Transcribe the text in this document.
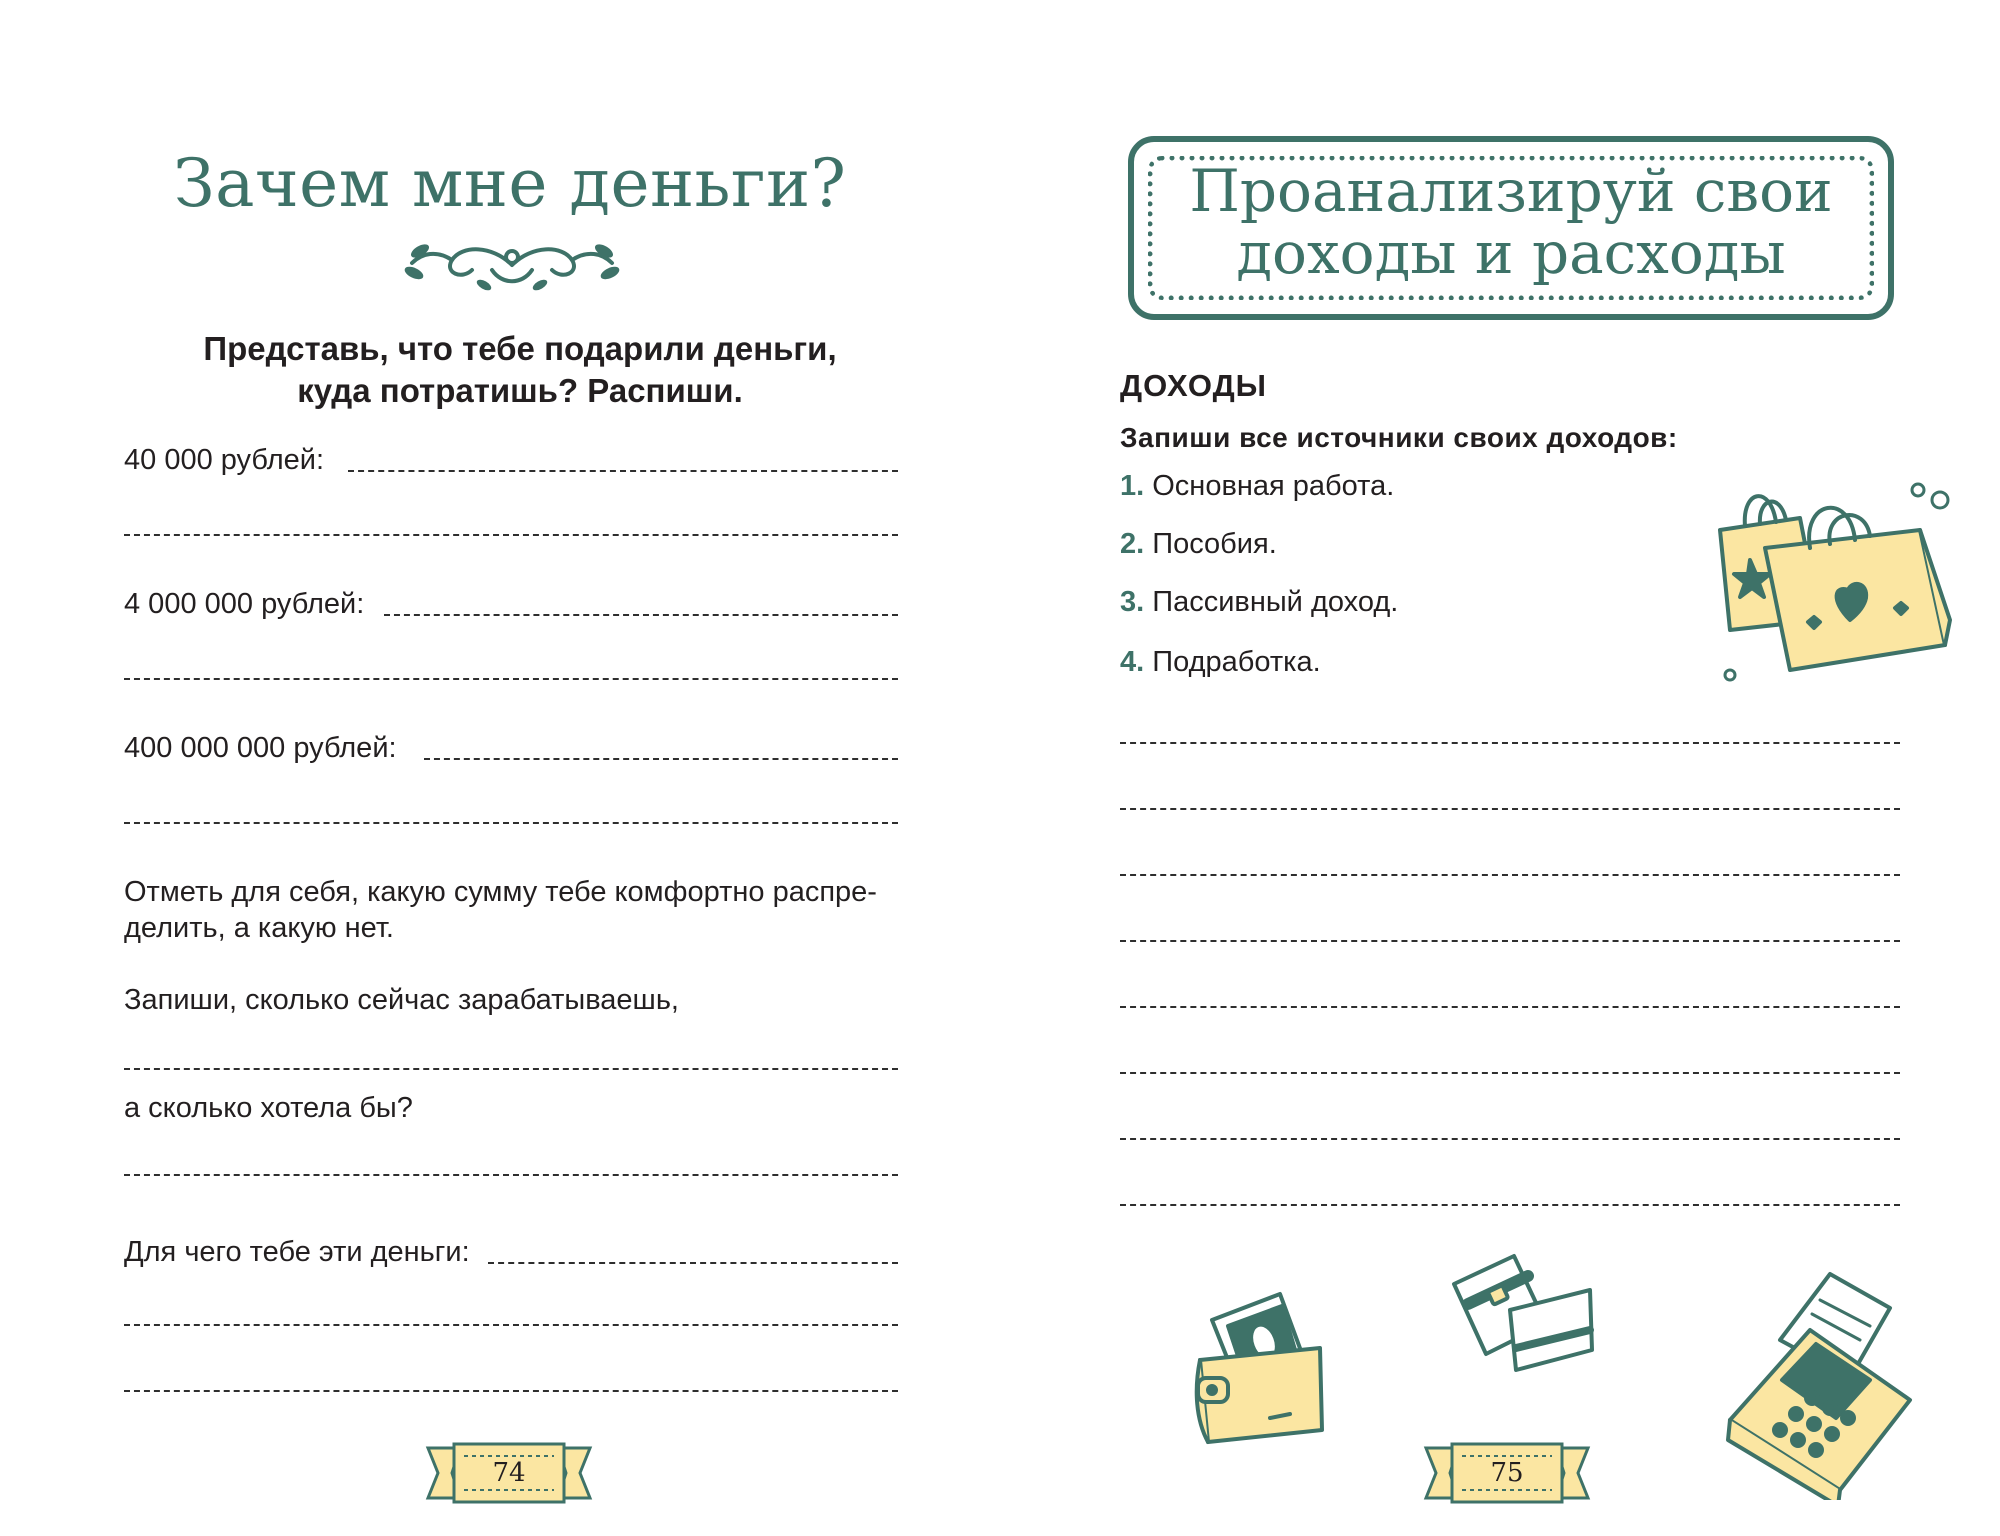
Зачем мне деньги?
Представь, что тебе подарили деньги,
куда потратишь? Распиши.
40 000 рублей:
4 000 000 рублей:
400 000 000 рублей:
Отметь для себя, какую сумму тебе комфортно распре-
делить, а какую нет.
Запиши, сколько сейчас зарабатываешь,
а сколько хотела бы?
Для чего тебе эти деньги:
74
Проанализируй свои
доходы и расходы
ДОХОДЫ
Запиши все источники своих доходов:
1. Основная работа.
2. Пособия.
3. Пассивный доход.
4. Подработка.
75
